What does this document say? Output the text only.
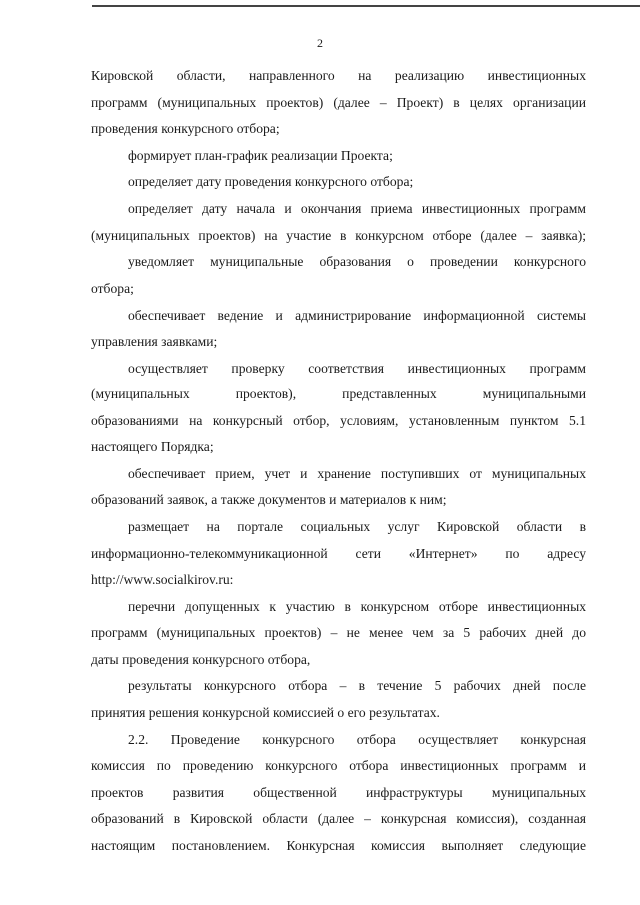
2
Кировской области, направленного на реализацию инвестиционных
программ (муниципальных проектов) (далее – Проект) в целях организации
проведения конкурсного отбора;
формирует план-график реализации Проекта;
определяет дату проведения конкурсного отбора;
определяет дату начала и окончания приема инвестиционных программ
(муниципальных проектов) на участие в конкурсном отборе (далее – заявка);
уведомляет муниципальные образования о проведении конкурсного
отбора;
обеспечивает ведение и администрирование информационной системы
управления заявками;
осуществляет проверку соответствия инвестиционных программ
(муниципальных проектов), представленных муниципальными
образованиями на конкурсный отбор, условиям, установленным пунктом 5.1
настоящего Порядка;
обеспечивает прием, учет и хранение поступивших от муниципальных
образований заявок, а также документов и материалов к ним;
размещает на портале социальных услуг Кировской области в
информационно-телекоммуникационной сети «Интернет» по адресу
http://www.socialkirov.ru:
перечни допущенных к участию в конкурсном отборе инвестиционных
программ (муниципальных проектов) – не менее чем за 5 рабочих дней до
даты проведения конкурсного отбора,
результаты конкурсного отбора – в течение 5 рабочих дней после
принятия решения конкурсной комиссией о его результатах.
2.2. Проведение конкурсного отбора осуществляет конкурсная
комиссия по проведению конкурсного отбора инвестиционных программ и
проектов развития общественной инфраструктуры муниципальных
образований в Кировской области (далее – конкурсная комиссия), созданная
настоящим постановлением. Конкурсная комиссия выполняет следующие
